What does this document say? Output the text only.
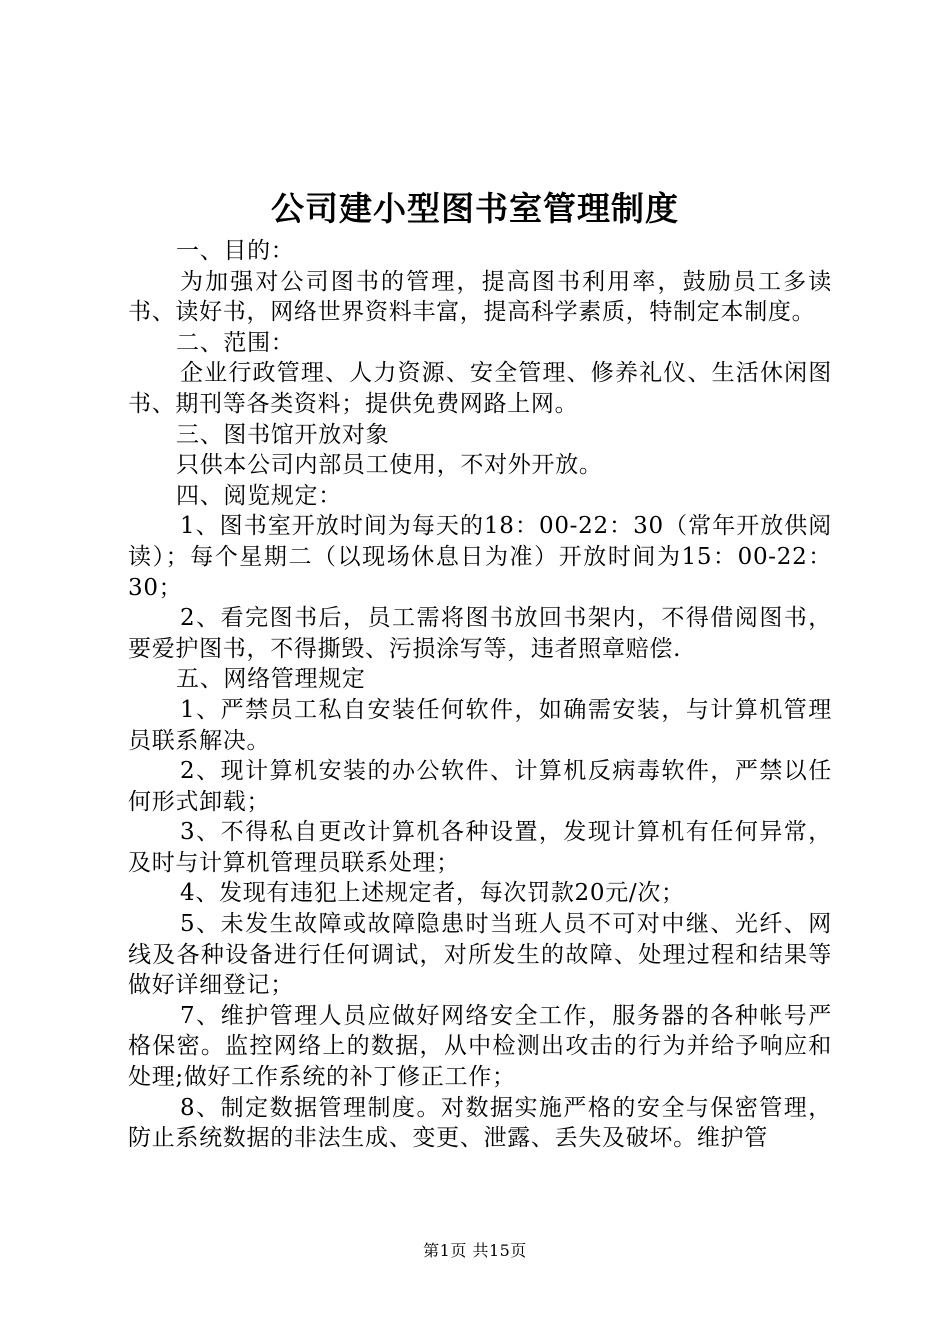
公司建小型图书室管理制度

一、目的：

为加强对公司图书的管理，提高图书利用率，鼓励员工多读书、读好书，网络世界资料丰富，提高科学素质，特制定本制度。

二、范围：

企业行政管理、人力资源、安全管理、修养礼仪、生活休闲图书、期刊等各类资料；提供免费网路上网。

三、图书馆开放对象

只供本公司内部员工使用，不对外开放。

四、阅览规定：

1、图书室开放时间为每天的18：00-22：30（常年开放供阅读）；每个星期二（以现场休息日为准）开放时间为15：00-22：30；

2、看完图书后，员工需将图书放回书架内，不得借阅图书，要爱护图书，不得撕毁、污损涂写等，违者照章赔偿.

五、网络管理规定

1、严禁员工私自安装任何软件，如确需安装，与计算机管理员联系解决。

2、现计算机安装的办公软件、计算机反病毒软件，严禁以任何形式卸载；

3、不得私自更改计算机各种设置，发现计算机有任何异常，及时与计算机管理员联系处理；

4、发现有违犯上述规定者，每次罚款20元/次；

5、未发生故障或故障隐患时当班人员不可对中继、光纤、网线及各种设备进行任何调试，对所发生的故障、处理过程和结果等做好详细登记；

7、维护管理人员应做好网络安全工作，服务器的各种帐号严格保密。监控网络上的数据，从中检测出攻击的行为并给予响应和处理;做好工作系统的补丁修正工作；

8、制定数据管理制度。对数据实施严格的安全与保密管理，防止系统数据的非法生成、变更、泄露、丢失及破坏。维护管

第1页 共15页
